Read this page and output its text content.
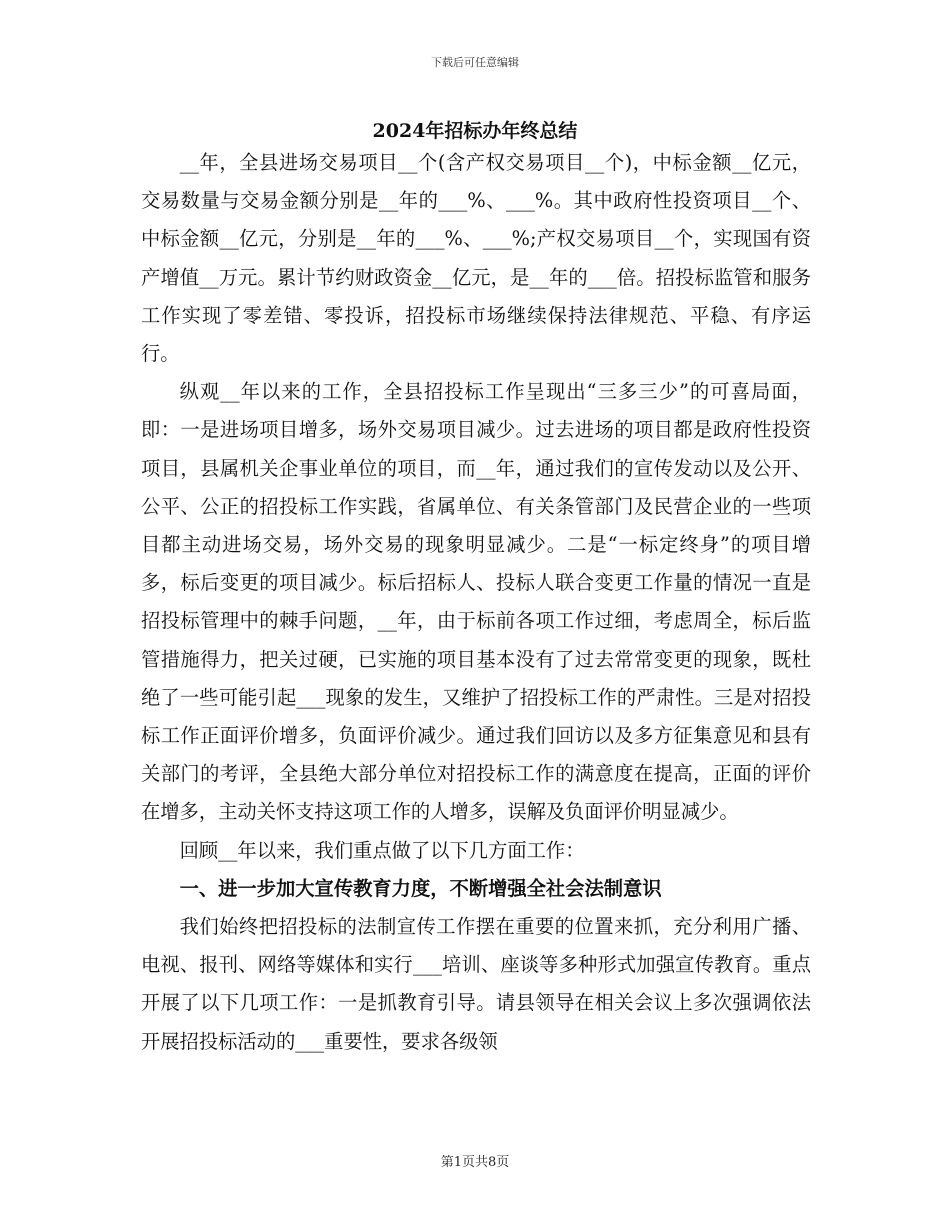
下载后可任意编辑
2024年招标办年终总结

__年，全县进场交易项目__个(含产权交易项目__个)，中标金额__亿元，交易数量与交易金额分别是__年的___%、___%。其中政府性投资项目__个、中标金额__亿元，分别是__年的___%、___%;产权交易项目__个，实现国有资产增值__万元。累计节约财政资金__亿元，是__年的___倍。招投标监管和服务工作实现了零差错、零投诉，招投标市场继续保持法律规范、平稳、有序运行。

纵观__年以来的工作，全县招投标工作呈现出“三多三少”的可喜局面，即：一是进场项目增多，场外交易项目减少。过去进场的项目都是政府性投资项目，县属机关企事业单位的项目，而__年，通过我们的宣传发动以及公开、公平、公正的招投标工作实践，省属单位、有关条管部门及民营企业的一些项目都主动进场交易，场外交易的现象明显减少。二是“一标定终身”的项目增多，标后变更的项目减少。标后招标人、投标人联合变更工作量的情况一直是招投标管理中的棘手问题，__年，由于标前各项工作过细，考虑周全，标后监管措施得力，把关过硬，已实施的项目基本没有了过去常常变更的现象，既杜绝了一些可能引起___现象的发生，又维护了招投标工作的严肃性。三是对招投标工作正面评价增多，负面评价减少。通过我们回访以及多方征集意见和县有关部门的考评，全县绝大部分单位对招投标工作的满意度在提高，正面的评价在增多，主动关怀支持这项工作的人增多，误解及负面评价明显减少。

回顾__年以来，我们重点做了以下几方面工作：

一、进一步加大宣传教育力度，不断增强全社会法制意识

我们始终把招投标的法制宣传工作摆在重要的位置来抓，充分利用广播、电视、报刊、网络等媒体和实行___培训、座谈等多种形式加强宣传教育。重点开展了以下几项工作：一是抓教育引导。请县领导在相关会议上多次强调依法开展招投标活动的___重要性，要求各级领

第1页共8页
